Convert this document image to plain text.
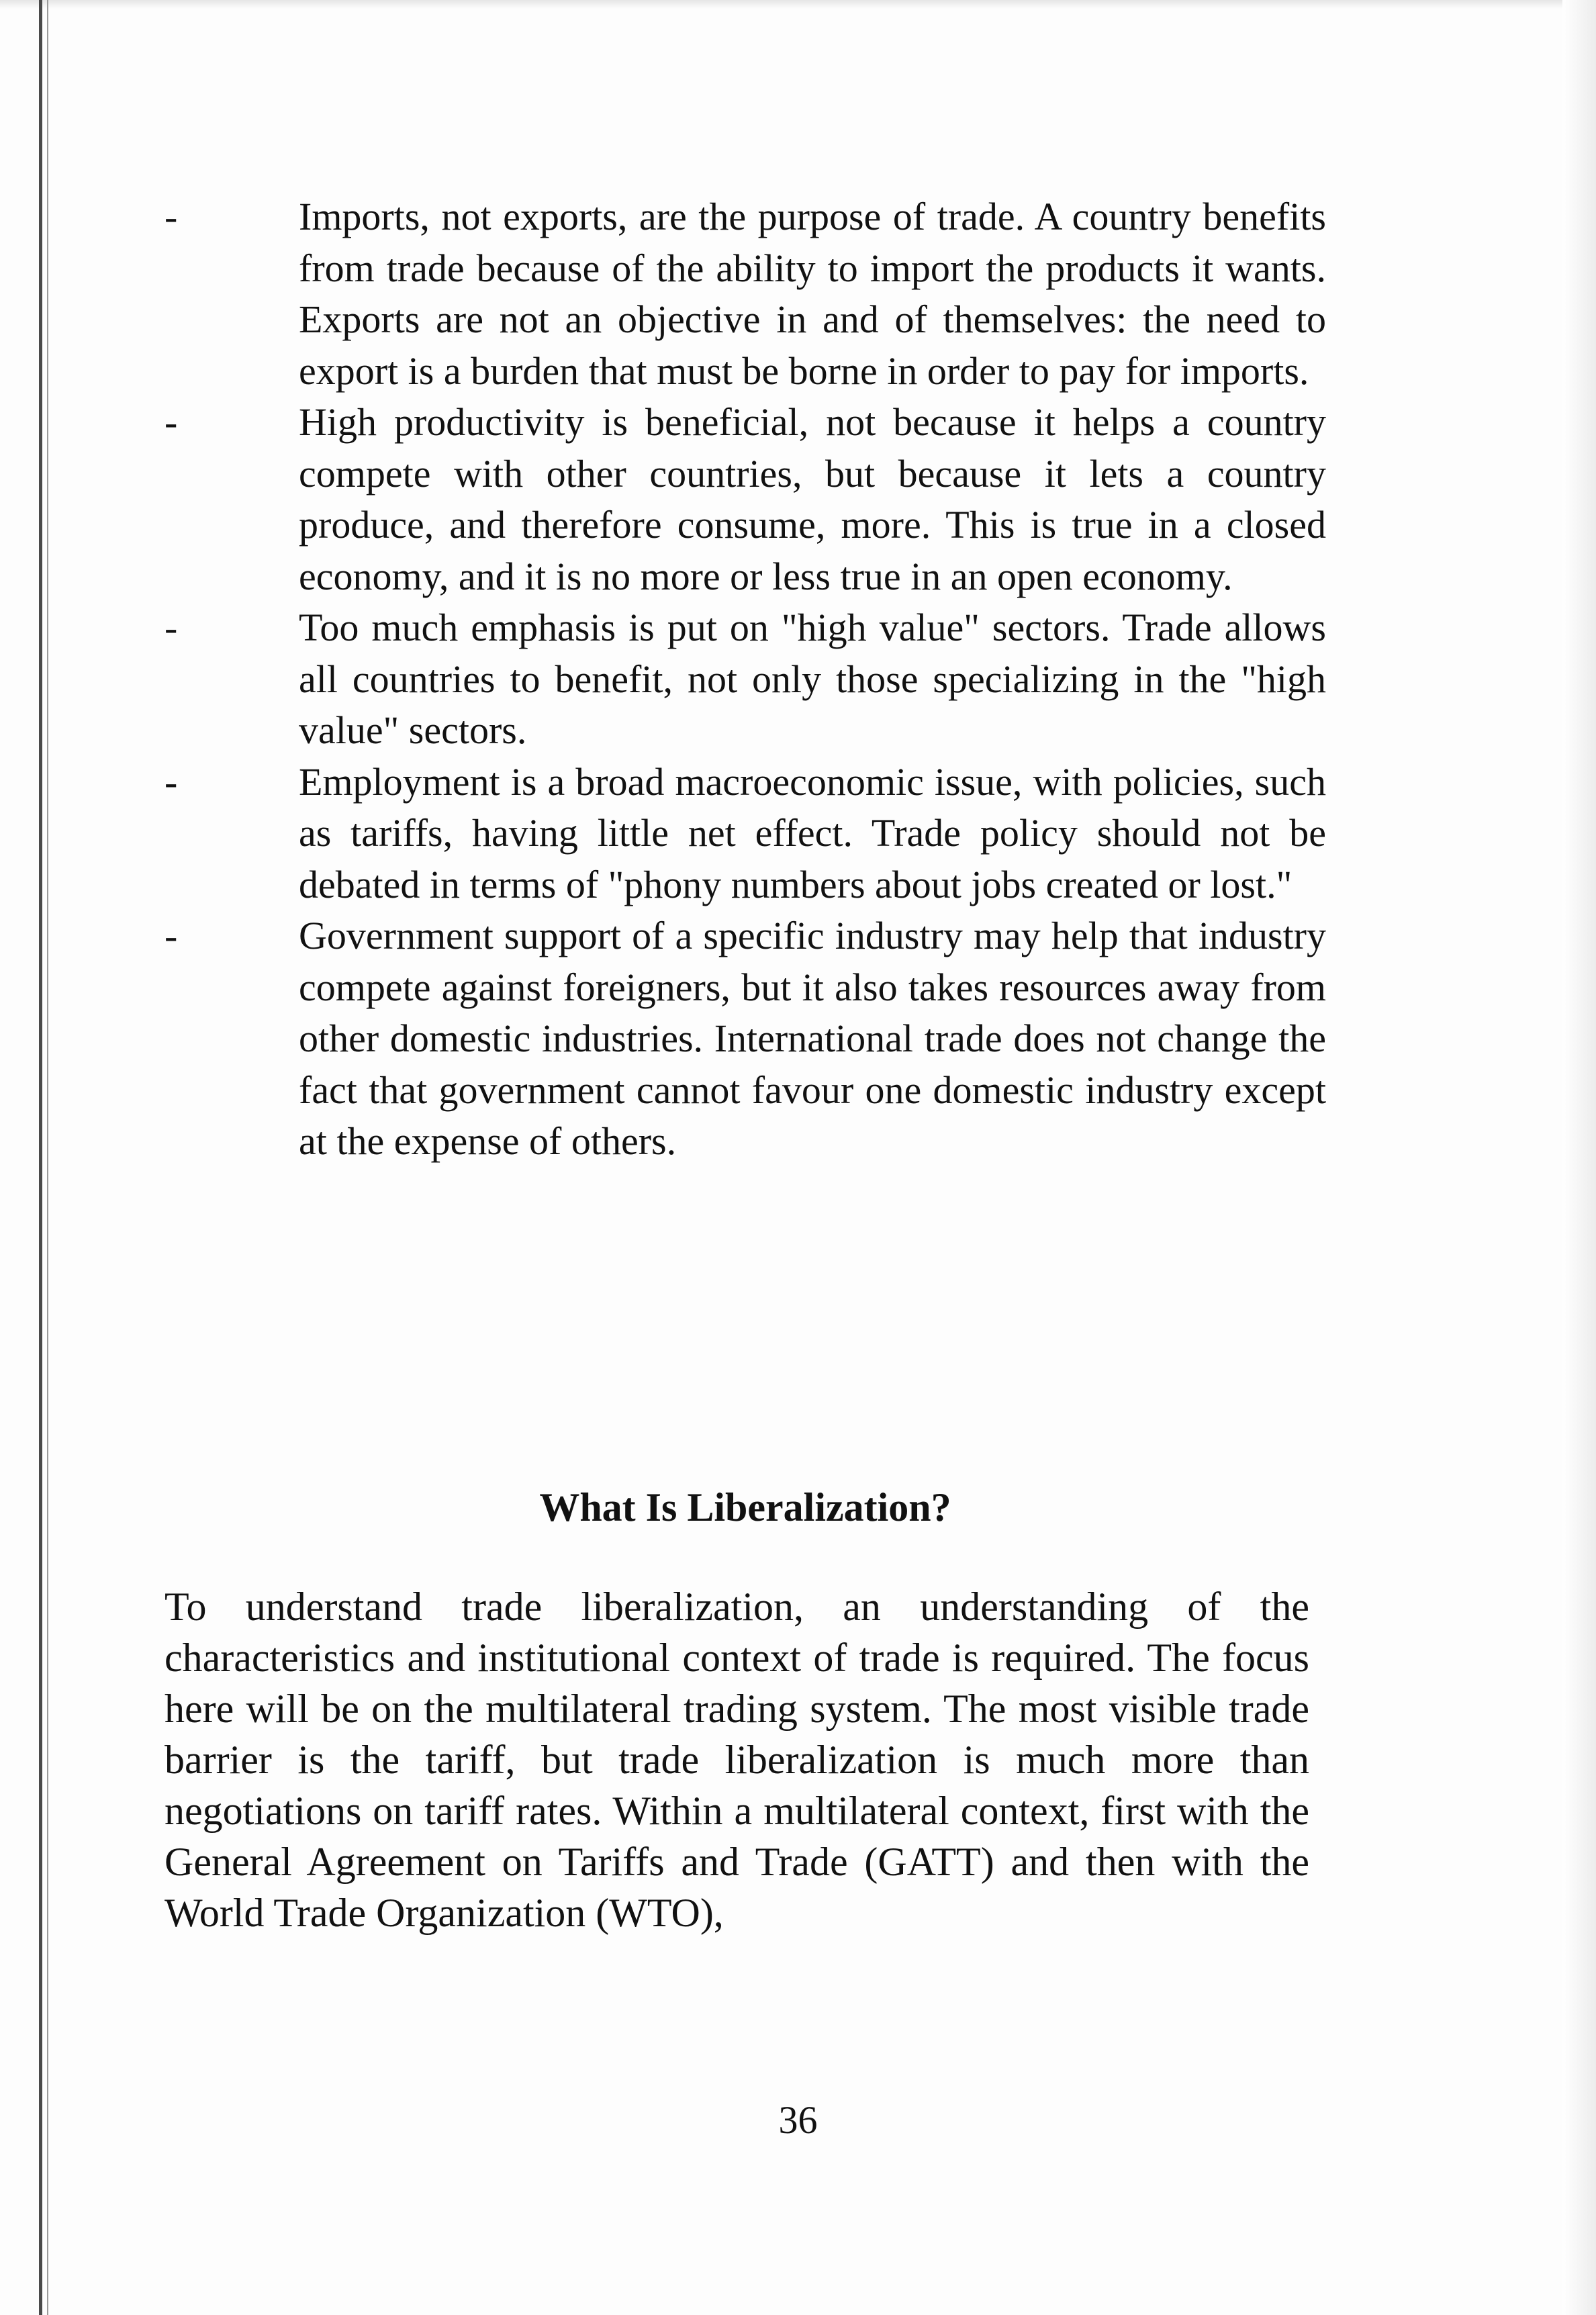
-	Imports, not exports, are the purpose of trade. A country benefits from trade because of the ability to import the products it wants. Exports are not an objective in and of themselves: the need to export is a burden that must be borne in order to pay for imports.
-	High productivity is beneficial, not because it helps a country compete with other countries, but because it lets a country produce, and therefore consume, more. This is true in a closed economy, and it is no more or less true in an open economy.
-	Too much emphasis is put on "high value" sectors. Trade allows all countries to benefit, not only those specializing in the "high value" sectors.
-	Employment is a broad macroeconomic issue, with policies, such as tariffs, having little net effect. Trade policy should not be debated in terms of "phony numbers about jobs created or lost."
-	Government support of a specific industry may help that industry compete against foreigners, but it also takes resources away from other domestic industries. International trade does not change the fact that government cannot favour one domestic industry except at the expense of others.
What Is Liberalization?

To understand trade liberalization, an understanding of the characteristics and institutional context of trade is required. The focus here will be on the multilateral trading system. The most visible trade barrier is the tariff, but trade liberalization is much more than negotiations on tariff rates. Within a multilateral context, first with the General Agreement on Tariffs and Trade (GATT) and then with the World Trade Organization (WTO),

36
